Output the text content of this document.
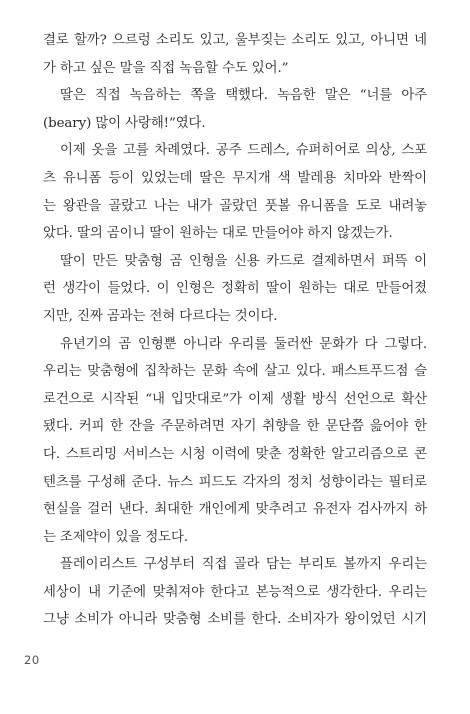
결로 할까? 으르렁 소리도 있고, 울부짖는 소리도 있고, 아니면 네
가 하고 싶은 말을 직접 녹음할 수도 있어.”
딸은 직접 녹음하는 쪽을 택했다. 녹음한 말은 “너를 아주
(beary) 많이 사랑해!”였다.
이제 옷을 고를 차례였다. 공주 드레스, 슈퍼히어로 의상, 스포
츠 유니폼 등이 있었는데 딸은 무지개 색 발레용 치마와 반짝이
는 왕관을 골랐고 나는 내가 골랐던 풋볼 유니폼을 도로 내려놓
았다. 딸의 곰이니 딸이 원하는 대로 만들어야 하지 않겠는가.
딸이 만든 맞춤형 곰 인형을 신용 카드로 결제하면서 퍼뜩 이
런 생각이 들었다. 이 인형은 정확히 딸이 원하는 대로 만들어졌
지만, 진짜 곰과는 전혀 다르다는 것이다.
유년기의 곰 인형뿐 아니라 우리를 둘러싼 문화가 다 그렇다.
우리는 맞춤형에 집착하는 문화 속에 살고 있다. 패스트푸드점 슬
로건으로 시작된 “내 입맛대로”가 이제 생활 방식 선언으로 확산
됐다. 커피 한 잔을 주문하려면 자기 취향을 한 문단쯤 읊어야 한
다. 스트리밍 서비스는 시청 이력에 맞춘 정확한 알고리즘으로 콘
텐츠를 구성해 준다. 뉴스 피드도 각자의 정치 성향이라는 필터로
현실을 걸러 낸다. 최대한 개인에게 맞추려고 유전자 검사까지 하
는 조제약이 있을 정도다.
플레이리스트 구성부터 직접 골라 담는 부리토 볼까지 우리는
세상이 내 기준에 맞춰져야 한다고 본능적으로 생각한다. 우리는
그냥 소비가 아니라 맞춤형 소비를 한다. 소비자가 왕이었던 시기
20
